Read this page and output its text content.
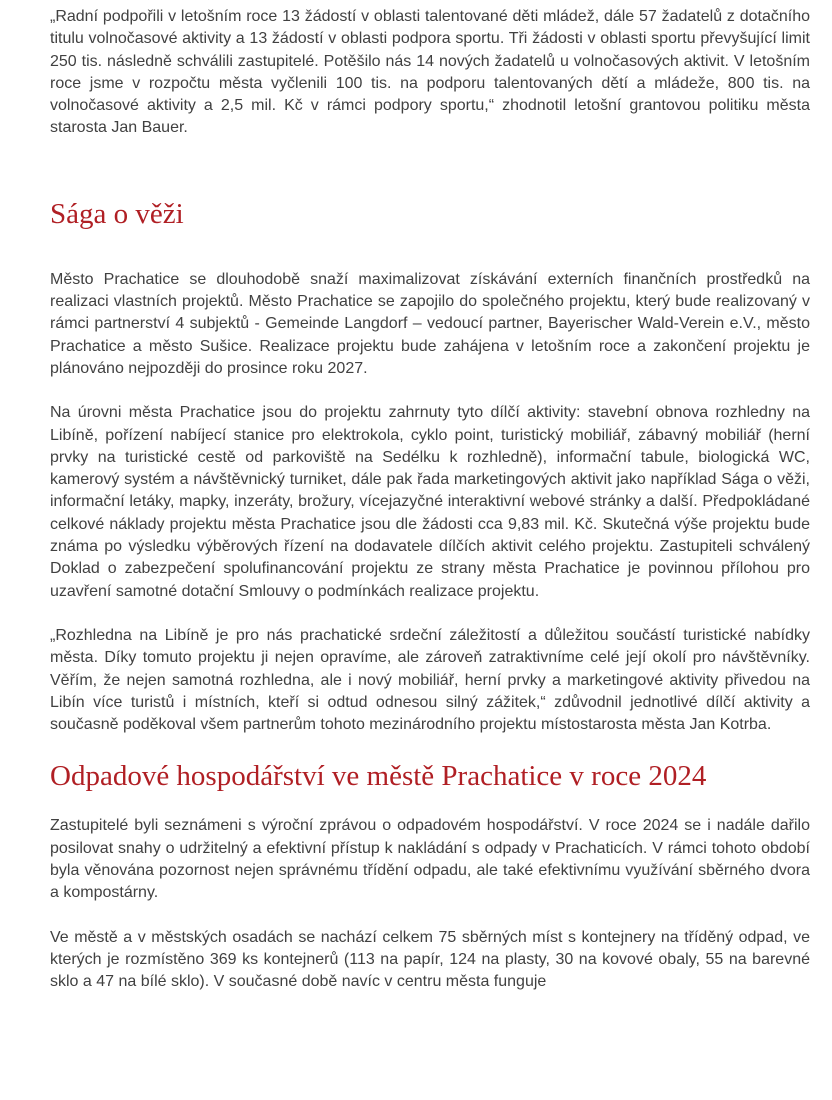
„Radní podpořili v letošním roce 13 žádostí v oblasti talentované děti mládež, dále 57 žadatelů z dotačního titulu volnočasové aktivity a 13 žádostí v oblasti podpora sportu. Tři žádosti v oblasti sportu převyšující limit 250 tis. následně schválili zastupitelé. Potěšilo nás 14 nových žadatelů u volnočasových aktivit. V letošním roce jsme v rozpočtu města vyčlenili 100 tis. na podporu talentovaných dětí a mládeže, 800 tis. na volnočasové aktivity a 2,5 mil. Kč v rámci podpory sportu,“ zhodnotil letošní grantovou politiku města starosta Jan Bauer.

Sága o věži

Město Prachatice se dlouhodobě snaží maximalizovat získávání externích finančních prostředků na realizaci vlastních projektů. Město Prachatice se zapojilo do společného projektu, který bude realizovaný v rámci partnerství 4 subjektů - Gemeinde Langdorf – vedoucí partner, Bayerischer Wald-Verein e.V., město Prachatice a město Sušice. Realizace projektu bude zahájena v letošním roce a zakončení projektu je plánováno nejpozději do prosince roku 2027.

Na úrovni města Prachatice jsou do projektu zahrnuty tyto dílčí aktivity: stavební obnova rozhledny na Libíně, pořízení nabíjecí stanice pro elektrokola, cyklo point, turistický mobiliář, zábavný mobiliář (herní prvky na turistické cestě od parkoviště na Sedélku k rozhledně), informační tabule, biologická WC, kamerový systém a návštěvnický turniket, dále pak řada marketingových aktivit jako například Sága o věži, informační letáky, mapky, inzeráty, brožury, vícejazyčné interaktivní webové stránky a další. Předpokládané celkové náklady projektu města Prachatice jsou dle žádosti cca 9,83 mil. Kč. Skutečná výše projektu bude známa po výsledku výběrových řízení na dodavatele dílčích aktivit celého projektu. Zastupiteli schválený Doklad o zabezpečení spolufinancování projektu ze strany města Prachatice je povinnou přílohou pro uzavření samotné dotační Smlouvy o podmínkách realizace projektu.

„Rozhledna na Libíně je pro nás prachatické srdeční záležitostí a důležitou součástí turistické nabídky města. Díky tomuto projektu ji nejen opravíme, ale zároveň zatraktivníme celé její okolí pro návštěvníky. Věřím, že nejen samotná rozhledna, ale i nový mobiliář, herní prvky a marketingové aktivity přivedou na Libín více turistů i místních, kteří si odtud odnesou silný zážitek,“ zdůvodnil jednotlivé dílčí aktivity a současně poděkoval všem partnerům tohoto mezinárodního projektu místostarosta města Jan Kotrba.

Odpadové hospodářství ve městě Prachatice v roce 2024

Zastupitelé byli seznámeni s výroční zprávou o odpadovém hospodářství. V roce 2024 se i nadále dařilo posilovat snahy o udržitelný a efektivní přístup k nakládání s odpady v Prachaticích. V rámci tohoto období byla věnována pozornost nejen správnému třídění odpadu, ale také efektivnímu využívání sběrného dvora a kompostárny.

Ve městě a v městských osadách se nachází celkem 75 sběrných míst s kontejnery na tříděný odpad, ve kterých je rozmístěno 369 ks kontejnerů (113 na papír, 124 na plasty, 30 na kovové obaly, 55 na barevné sklo a 47 na bílé sklo). V současné době navíc v centru města funguje
